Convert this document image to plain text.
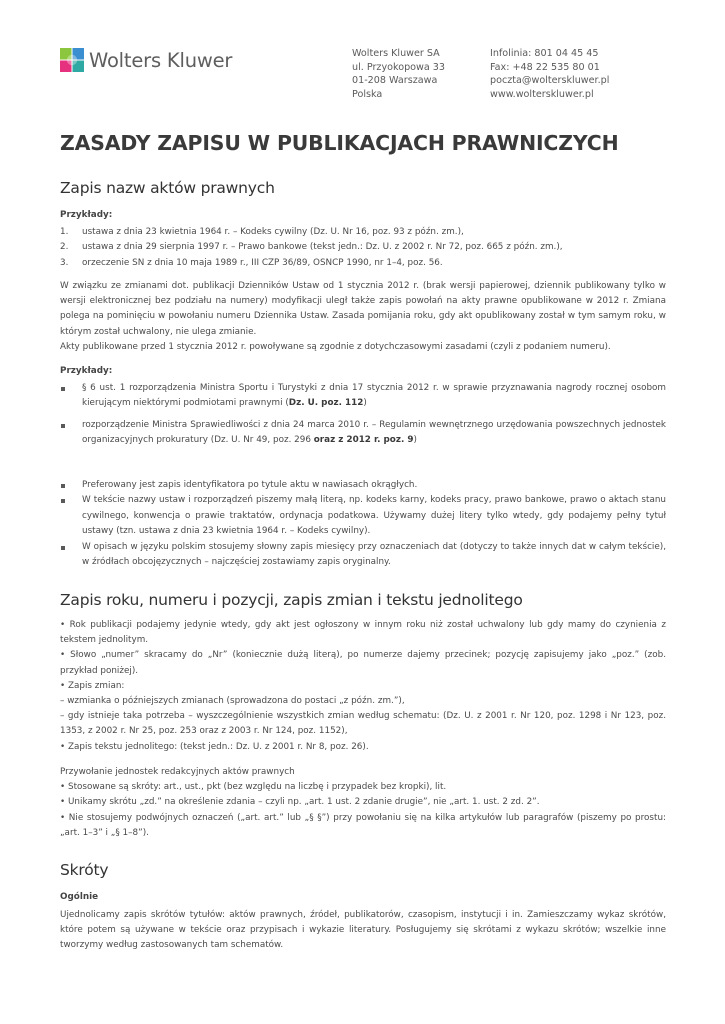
Wolters Kluwer	Wolters Kluwer SA
ul. Przyokopowa 33
01-208 Warszawa
Polska
Infolinia: 801 04 45 45
Fax: +48 22 535 80 01
poczta@wolterskluwer.pl
www.wolterskluwer.pl
ZASADY ZAPISU W PUBLIKACJACH PRAWNICZYCH
Zapis nazw aktów prawnych
Przykłady:
1. ustawa z dnia 23 kwietnia 1964 r. – Kodeks cywilny (Dz. U. Nr 16, poz. 93 z późn. zm.),
2. ustawa z dnia 29 sierpnia 1997 r. – Prawo bankowe (tekst jedn.: Dz. U. z 2002 r. Nr 72, poz. 665 z późn. zm.),
3. orzeczenie SN z dnia 10 maja 1989 r., III CZP 36/89, OSNCP 1990, nr 1–4, poz. 56.
W związku ze zmianami dot. publikacji Dzienników Ustaw od 1 stycznia 2012 r. (brak wersji papierowej, dziennik publikowany tylko w wersji elektronicznej bez podziału na numery) modyfikacji uległ także zapis powołań na akty prawne opublikowane w 2012 r. Zmiana polega na pominięciu w powołaniu numeru Dziennika Ustaw. Zasada pomijania roku, gdy akt opublikowany został w tym samym roku, w którym został uchwalony, nie ulega zmianie.
Akty publikowane przed 1 stycznia 2012 r. powoływane są zgodnie z dotychczasowymi zasadami (czyli z podaniem numeru).
Przykłady:
§ 6 ust. 1 rozporządzenia Ministra Sportu i Turystyki z dnia 17 stycznia 2012 r. w sprawie przyznawania nagrody rocznej osobom kierującym niektórymi podmiotami prawnymi (Dz. U. poz. 112)
rozporządzenie Ministra Sprawiedliwości z dnia 24 marca 2010 r. – Regulamin wewnętrznego urzędowania powszechnych jednostek organizacyjnych prokuratury (Dz. U. Nr 49, poz. 296 oraz z 2012 r. poz. 9)
Preferowany jest zapis identyfikatora po tytule aktu w nawiasach okrągłych.
W tekście nazwy ustaw i rozporządzeń piszemy małą literą, np. kodeks karny, kodeks pracy, prawo bankowe, prawo o aktach stanu cywilnego, konwencja o prawie traktatów, ordynacja podatkowa. Używamy dużej litery tylko wtedy, gdy podajemy pełny tytuł ustawy (tzn. ustawa z dnia 23 kwietnia 1964 r. – Kodeks cywilny).
W opisach w języku polskim stosujemy słowny zapis miesięcy przy oznaczeniach dat (dotyczy to także innych dat w całym tekście), w źródłach obcojęzycznych – najczęściej zostawiamy zapis oryginalny.
Zapis roku, numeru i pozycji, zapis zmian i tekstu jednolitego
• Rok publikacji podajemy jedynie wtedy, gdy akt jest ogłoszony w innym roku niż został uchwalony lub gdy mamy do czynienia z tekstem jednolitym.
• Słowo „numer” skracamy do „Nr” (koniecznie dużą literą), po numerze dajemy przecinek; pozycję zapisujemy jako „poz.” (zob. przykład poniżej).
• Zapis zmian:
– wzmianka o późniejszych zmianach (sprowadzona do postaci „z późn. zm.”),
– gdy istnieje taka potrzeba – wyszczególnienie wszystkich zmian według schematu: (Dz. U. z 2001 r. Nr 120, poz. 1298 i Nr 123, poz. 1353, z 2002 r. Nr 25, poz. 253 oraz z 2003 r. Nr 124, poz. 1152),
• Zapis tekstu jednolitego: (tekst jedn.: Dz. U. z 2001 r. Nr 8, poz. 26).
Przywołanie jednostek redakcyjnych aktów prawnych
• Stosowane są skróty: art., ust., pkt (bez względu na liczbę i przypadek bez kropki), lit.
• Unikamy skrótu „zd.” na określenie zdania – czyli np. „art. 1 ust. 2 zdanie drugie”, nie „art. 1. ust. 2 zd. 2”.
• Nie stosujemy podwójnych oznaczeń („art. art.” lub „§ §”) przy powołaniu się na kilka artykułów lub paragrafów (piszemy po prostu: „art. 1–3” i „§ 1–8”).
Skróty
Ogólnie
Ujednolicamy zapis skrótów tytułów: aktów prawnych, źródeł, publikatorów, czasopism, instytucji i in. Zamieszczamy wykaz skrótów, które potem są używane w tekście oraz przypisach i wykazie literatury. Posługujemy się skrótami z wykazu skrótów; wszelkie inne tworzymy według zastosowanych tam schematów.
